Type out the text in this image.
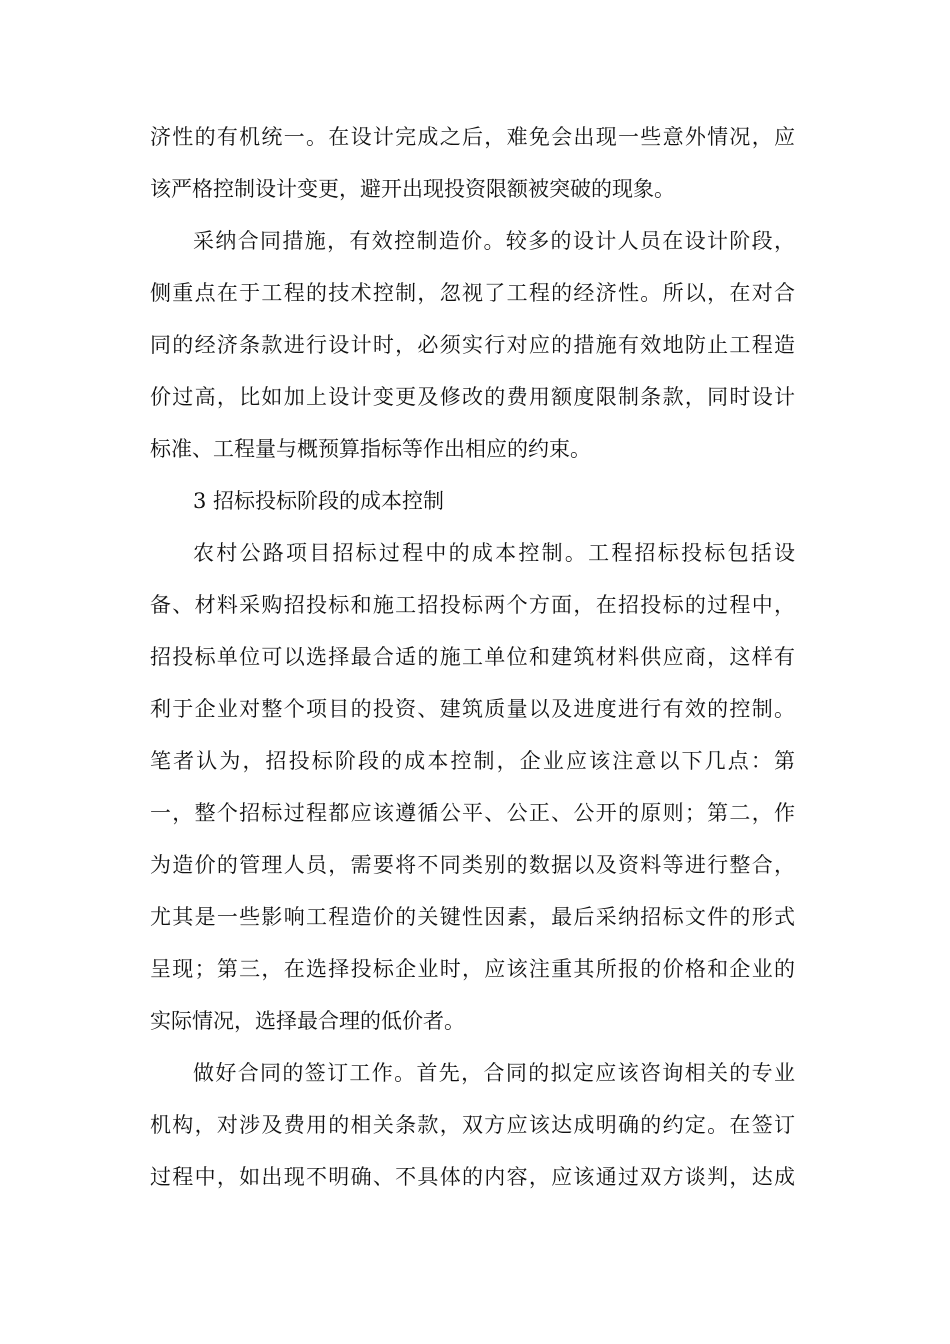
济性的有机统一。在设计完成之后，难免会出现一些意外情况，应
该严格控制设计变更，避开出现投资限额被突破的现象。
采纳合同措施，有效控制造价。较多的设计人员在设计阶段，
侧重点在于工程的技术控制，忽视了工程的经济性。所以，在对合
同的经济条款进行设计时，必须实行对应的措施有效地防止工程造
价过高，比如加上设计变更及修改的费用额度限制条款，同时设计
标准、工程量与概预算指标等作出相应的约束。
3 招标投标阶段的成本控制
农村公路项目招标过程中的成本控制。工程招标投标包括设
备、材料采购招投标和施工招投标两个方面，在招投标的过程中，
招投标单位可以选择最合适的施工单位和建筑材料供应商，这样有
利于企业对整个项目的投资、建筑质量以及进度进行有效的控制。
笔者认为，招投标阶段的成本控制，企业应该注意以下几点：第
一，整个招标过程都应该遵循公平、公正、公开的原则；第二，作
为造价的管理人员，需要将不同类别的数据以及资料等进行整合，
尤其是一些影响工程造价的关键性因素，最后采纳招标文件的形式
呈现；第三，在选择投标企业时，应该注重其所报的价格和企业的
实际情况，选择最合理的低价者。
做好合同的签订工作。首先，合同的拟定应该咨询相关的专业
机构，对涉及费用的相关条款，双方应该达成明确的约定。在签订
过程中，如出现不明确、不具体的内容，应该通过双方谈判，达成
